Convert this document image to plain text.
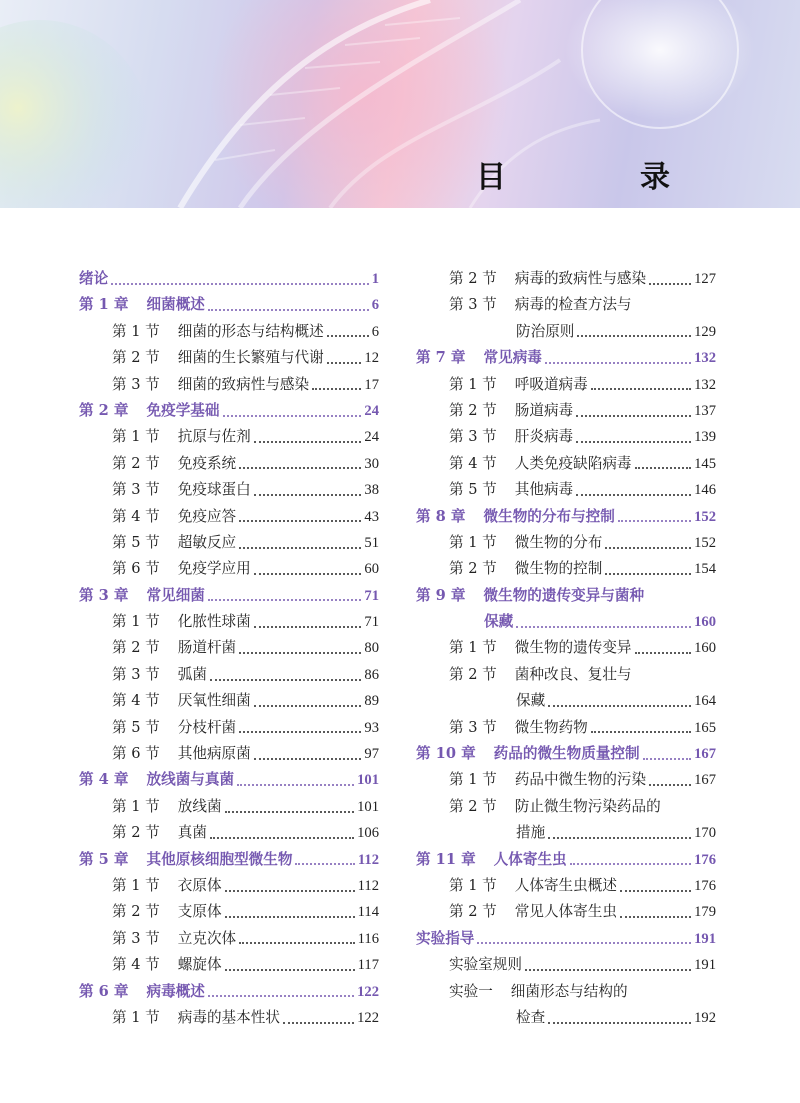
目　录
绪论	1
第 1 章 细菌概述	6
第 1 节 细菌的形态与结构概述	6
第 2 节 细菌的生长繁殖与代谢	12
第 3 节 细菌的致病性与感染	17
第 2 章 免疫学基础	24
第 1 节 抗原与佐剂	24
第 2 节 免疫系统	30
第 3 节 免疫球蛋白	38
第 4 节 免疫应答	43
第 5 节 超敏反应	51
第 6 节 免疫学应用	60
第 3 章 常见细菌	71
第 1 节 化脓性球菌	71
第 2 节 肠道杆菌	80
第 3 节 弧菌	86
第 4 节 厌氧性细菌	89
第 5 节 分枝杆菌	93
第 6 节 其他病原菌	97
第 4 章 放线菌与真菌	101
第 1 节 放线菌	101
第 2 节 真菌	106
第 5 章 其他原核细胞型微生物	112
第 1 节 衣原体	112
第 2 节 支原体	114
第 3 节 立克次体	116
第 4 节 螺旋体	117
第 6 章 病毒概述	122
第 1 节 病毒的基本性状	122
第 2 节 病毒的致病性与感染	127
第 3 节 病毒的检查方法与
防治原则	129
第 7 章 常见病毒	132
第 1 节 呼吸道病毒	132
第 2 节 肠道病毒	137
第 3 节 肝炎病毒	139
第 4 节 人类免疫缺陷病毒	145
第 5 节 其他病毒	146
第 8 章 微生物的分布与控制	152
第 1 节 微生物的分布	152
第 2 节 微生物的控制	154
第 9 章 微生物的遗传变异与菌种
保藏	160
第 1 节 微生物的遗传变异	160
第 2 节 菌种改良、复壮与
保藏	164
第 3 节 微生物药物	165
第 10 章 药品的微生物质量控制	167
第 1 节 药品中微生物的污染	167
第 2 节 防止微生物污染药品的
措施	170
第 11 章 人体寄生虫	176
第 1 节 人体寄生虫概述	176
第 2 节 常见人体寄生虫	179
实验指导	191
实验室规则	191
实验一 细菌形态与结构的
检查	192
